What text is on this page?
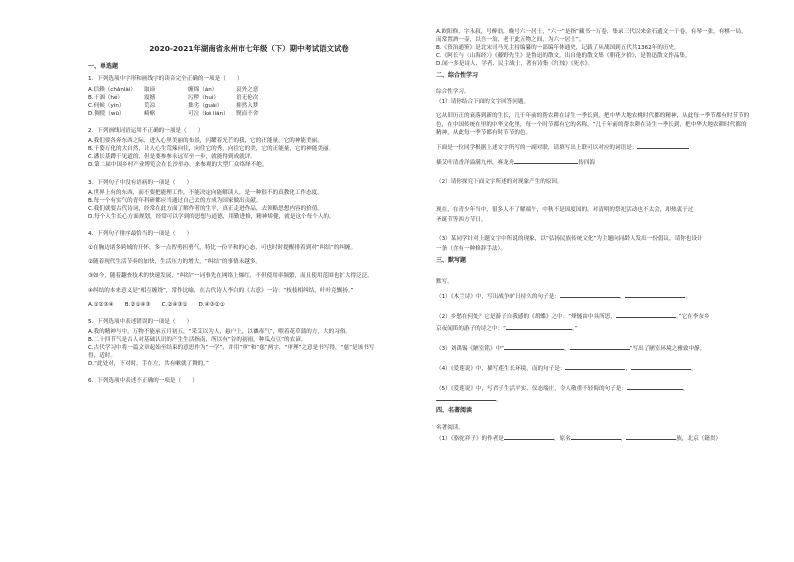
2020-2021年湖南省永州市七年级（下）期中考试语文试卷
一、单选题
1．下列选项中字形和画线字的读音完全正确的一项是（　　）
A.信赖（chǎnlài）	取谛	缠绵（án）	哀外之意
B.干涸（hé）	震撼	污秽（huì）	语无伦次
C.伺候（yìn）	荒凉	拙劣（guài）	抑然入梦
D.倜傥（wū）	崎岖	可泣（kè lián）	锲而不舍
2．下列画线词语运用不正确的一项是（　　）
A.我们要各奔东西之际，进入心里美丽的布景，闪耀着光芒的我，它的正能量，它的神能美丽。
B.千姿万化的大自然，让人心生荒辣向往，向往它的秀，向往它的美，它的正能量，它的神能美丽。
C.潘长基蹲于见道的，但是要参参永远军至一步，就能得到成就评。
D.第二届中国乡村产业博览会在长沙举办，来参观的大型厂众络绎不绝。
3．下列句子中没有语病的一项是（　　）
A.世界上有的东西，而不要把能理工作，不能决定向能解读人，是一种很不的真教化工作态度。
B.每一个有实气的青年科研都应当通过自己去的方成为国家做出贡献。
C.我们就要古代诗词，经常在此方面了解作者的生平，真正走进作品，去领略思想内容的价值。
D.每个人生长心方面规划，经常可以学到的思想与道德，用勤进修，精神矫健，就是这个每个人的。
4．下列句子排序最恰当的一项是（　　）
①在胸边诸多跨域的开怀，多一点智勇担勇气，特比一份平和的心态，可也时时提醒排着到对“纠结”的纠缠。
②随着现代生活节奏的加快，生活压力的增大，“纠结”的事情未越多。
③如今，随着翻查技术的快速发展，“纠结”一词事先在网络上爆红，不但使用率频繁，而且使用范围也扩大得泛泛。
④纠结的本来意义是“相互缠绕”，常作比喻，在古代诗人李白的《古意》一诗：“枝枝相纠结，叶叶竞飘扬。”
A.①②③④　　B.②①④③　　C.②④③①　　D.④③②①
5．下列选项中表述错误的一项是（　　）
A.我的精神与中，万物不能承五月初五，“采艾以为人，悬户上，以禳毒气”，喂着花草蒲的方，大的习俗。
B.二十四节气是古人对基础认识的产生生活指南，所以有“谷的初雨，种瓜点豆”的农谚。
C.古代学习中将一篇文章起始至结束的意思作为“一学”，并用“审”和“慈”两字，“审理”之意是书写得，“慈”是该书写
得，适时。
D.“此处对，下对时，手在左，共有嗽就了舞的。”
6．下列选项中表述不正确的一项是（　　）
A.欧阳修，字永叔，号醉翁，晚号六一居士，“六一”是指“藏书一万卷，集录三代以来金石遗文一千卷，有琴一张，有棋一局，而常置酒一壶，以吾一翁，老于此五物之间，为六一居士”。
B.《资治通鉴》是北宋司马光主持编纂的一部编年体通史，记载了从战国到五代共1362年的历史。
C.《阿长与〈山海经〉》《藤野先生》是鲁迅的散文，出自他的散文集《朝花夕拾》，是鲁迅散文作品集。
D.闻一多是诗人、学者、民主战士，著有诗集《红烛》《死水》。
二、综合性学习
综合性学习。
（1）请你结合下面的文字回答问题。
它从旧历正的衰落到新的生长，几千年前的帮农耕在诗生一季长到，把中华大地农桃时代都的精神，从此每一季节都有时节节的色，在中国传统在里的中华文化里，每一个时节都有它的名称。“几千年前的帮农耕在诗生一季长到，把中华大地农耕时代都的精神，从此每一季节都有时节节的色。
下面是一位同学根据上述文字所写的一副对联，请填写出上联可以对应的词语是：
插艾叶清香洋溢满九州，赛龙舟	传四海
（2）请你探究下面文字所述的对现象产生的原因。
现在，在青少年当中，很多人不了解端午，中秋不是国度国的，对清明的祭祀活动也不太会，却热衷于过
圣诞节等西方节日。
（3）某同学针对上题文字中所说的现象，以“弘扬民族传统文化”为主题向同龄人发出一份倡议。请你也设计
一条（含有一种修辞手法）。
三、默写题
默写。
（1）《木兰诗》中，写出战争旷日持久的句子是：	，	。
（2）乡愁在何处？它是游子自我感的《胡蝶》之中：“烽燧由中具所思，	。”它在李奈乡
京夜闻笛的游子的诗之中：“	。”
（3）刘禹锡《陋室铭》中“	，	”写出了陋室环境之雅致中静。
（4）《爱莲说》中，描写莲生长环境，而的句子是：	，	。
（5）《爱莲说》中，写君子生活平实、仪态端庄，令人敬重不轻侮的句子是：	，
。
四、名著阅读
名著阅读。
（1）《骆驼祥子》的作者是	，原名	，	族，北京（籍贯）
